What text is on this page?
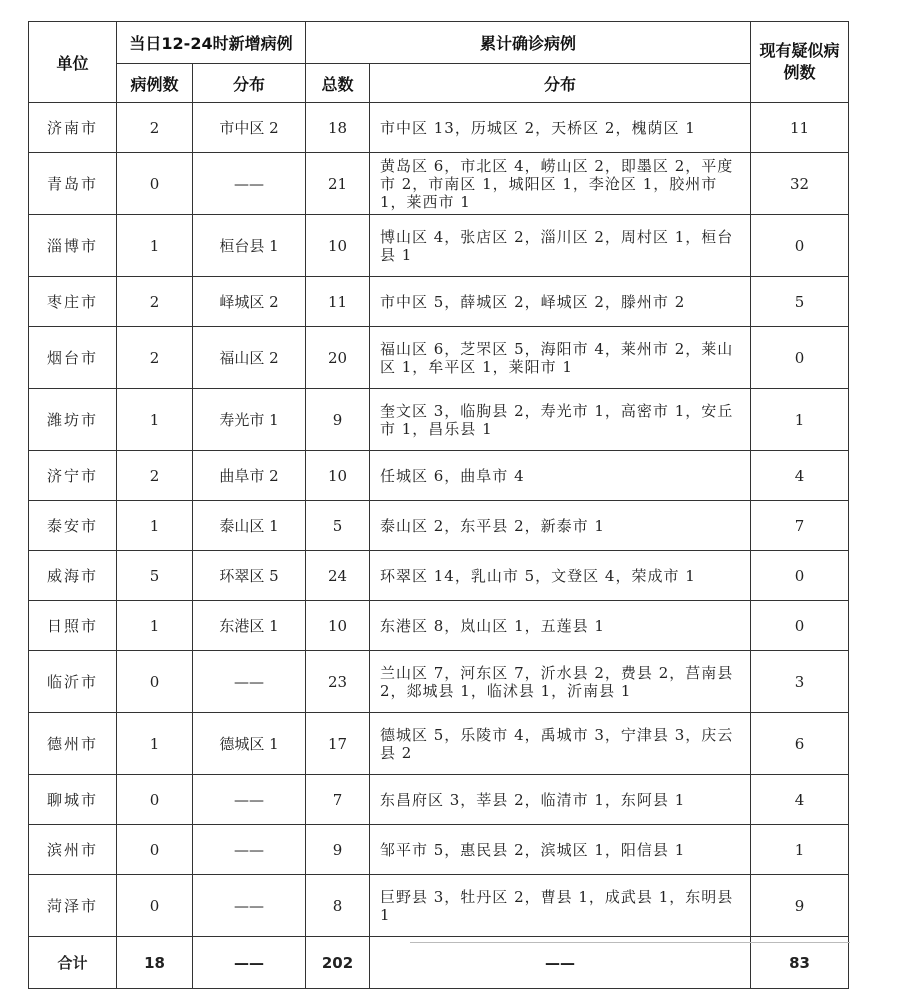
单位	当日12-24时新增病例		累计确诊病例		现有疑似病例数
	病例数	分布	总数	分布	
济南市	2	市中区 2	18	市中区 13，历城区 2，天桥区 2，槐荫区 1	11
青岛市	0	——	21	黄岛区 6，市北区 4，崂山区 2，即墨区 2，平度市 2，市南区 1，城阳区 1，李沧区 1，胶州市 1，莱西市 1	32
淄博市	1	桓台县 1	10	博山区 4，张店区 2，淄川区 2，周村区 1，桓台县 1	0
枣庄市	2	峄城区 2	11	市中区 5，薛城区 2，峄城区 2，滕州市 2	5
烟台市	2	福山区 2	20	福山区 6，芝罘区 5，海阳市 4，莱州市 2，莱山区 1，牟平区 1，莱阳市 1	0
潍坊市	1	寿光市 1	9	奎文区 3，临朐县 2，寿光市 1，高密市 1，安丘市 1，昌乐县 1	1
济宁市	2	曲阜市 2	10	任城区 6，曲阜市 4	4
泰安市	1	泰山区 1	5	泰山区 2，东平县 2，新泰市 1	7
威海市	5	环翠区 5	24	环翠区 14，乳山市 5，文登区 4，荣成市 1	0
日照市	1	东港区 1	10	东港区 8，岚山区 1，五莲县 1	0
临沂市	0	——	23	兰山区 7，河东区 7，沂水县 2，费县 2，莒南县 2，郯城县 1，临沭县 1，沂南县 1	3
德州市	1	德城区 1	17	德城区 5，乐陵市 4，禹城市 3，宁津县 3，庆云县 2	6
聊城市	0	——	7	东昌府区 3，莘县 2，临清市 1，东阿县 1	4
滨州市	0	——	9	邹平市 5，惠民县 2，滨城区 1，阳信县 1	1
菏泽市	0	——	8	巨野县 3，牡丹区 2，曹县 1，成武县 1，东明县 1	9
合计	18	——	202	——	83
